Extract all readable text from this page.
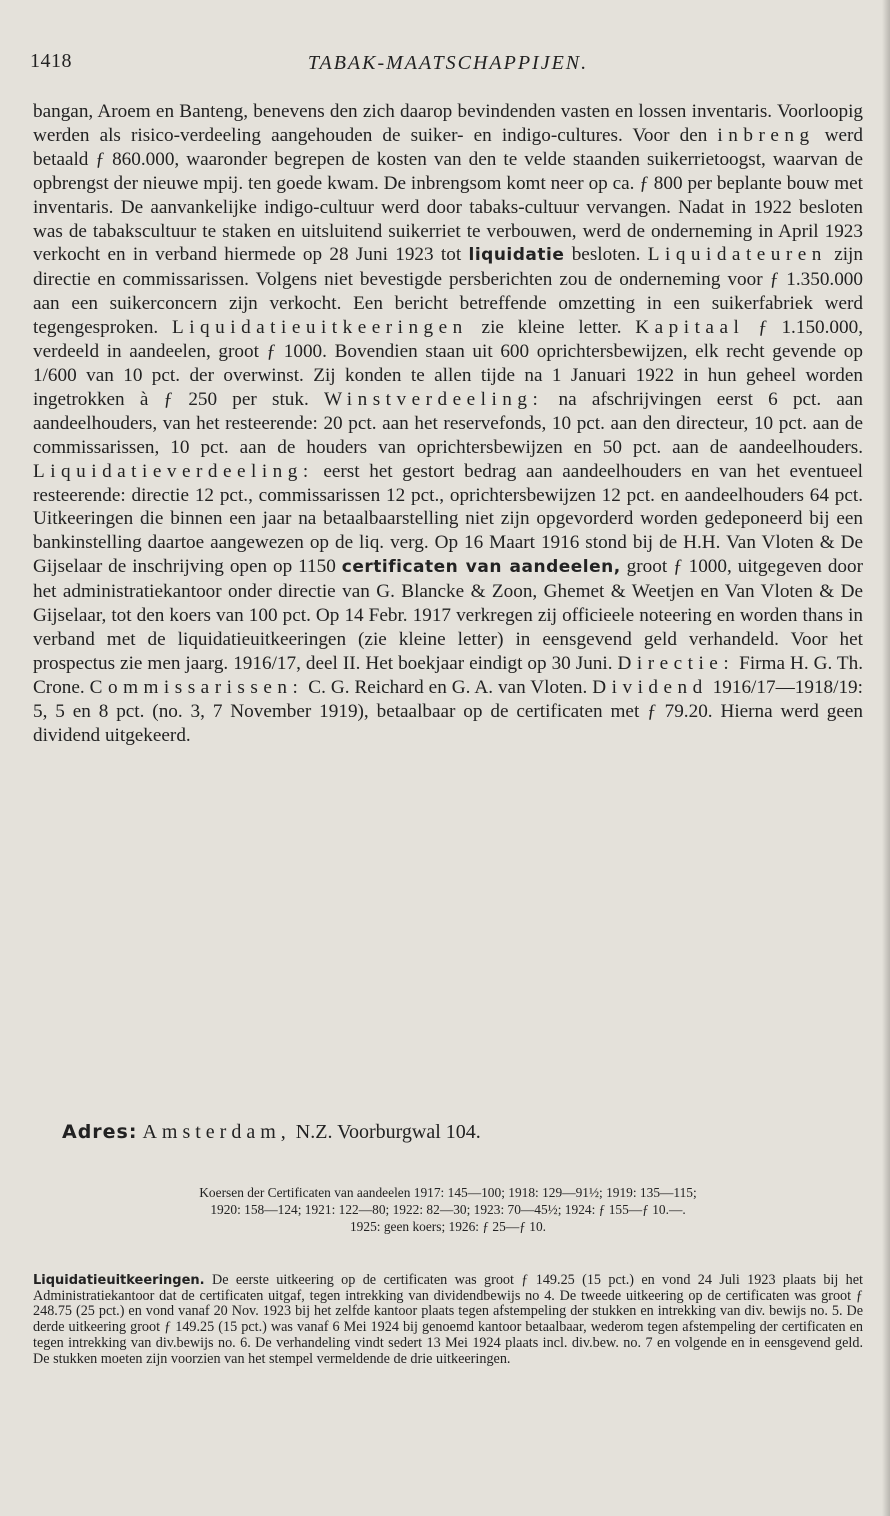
1418	TABAK-MAATSCHAPPIJEN.

bangan, Aroem en Banteng, benevens den zich daarop bevindenden vasten en lossen inventaris. Voorloopig werden als risico-verdeeling aangehouden de suiker- en indigo-cultures. Voor den inbreng werd betaald ƒ 860.000, waaronder begrepen de kosten van den te velde staanden suikerrietoogst, waarvan de opbrengst der nieuwe mpij. ten goede kwam. De inbrengsom komt neer op ca. ƒ 800 per beplante bouw met inventaris. De aanvankelijke indigo-cultuur werd door tabaks-cultuur vervangen. Nadat in 1922 besloten was de tabakscultuur te staken en uitsluitend suikerriet te verbouwen, werd de onderneming in April 1923 verkocht en in verband hiermede op 28 Juni 1923 tot liquidatie besloten. Liquidateuren zijn directie en commissarissen. Volgens niet bevestigde persberichten zou de onderneming voor ƒ 1.350.000 aan een suikerconcern zijn verkocht. Een bericht betreffende omzetting in een suikerfabriek werd tegengesproken. Liquidatieuitkeeringen zie kleine letter. Kapitaal ƒ 1.150.000, verdeeld in aandeelen, groot ƒ 1000. Bovendien staan uit 600 oprichtersbewijzen, elk recht gevende op 1/600 van 10 pct. der overwinst. Zij konden te allen tijde na 1 Januari 1922 in hun geheel worden ingetrokken à ƒ 250 per stuk. Winstverdeeling: na afschrijvingen eerst 6 pct. aan aandeelhouders, van het resteerende: 20 pct. aan het reservefonds, 10 pct. aan den directeur, 10 pct. aan de commissarissen, 10 pct. aan de houders van oprichtersbewijzen en 50 pct. aan de aandeelhouders. Liquidatieverdeeling: eerst het gestort bedrag aan aandeelhouders en van het eventueel resteerende: directie 12 pct., commissarissen 12 pct., oprichtersbewijzen 12 pct. en aandeelhouders 64 pct. Uitkeeringen die binnen een jaar na betaalbaarstelling niet zijn opgevorderd worden gedeponeerd bij een bankinstelling daartoe aangewezen op de liq. verg. Op 16 Maart 1916 stond bij de H.H. Van Vloten & De Gijselaar de inschrijving open op 1150 certificaten van aandeelen, groot ƒ 1000, uitgegeven door het administratiekantoor onder directie van G. Blancke & Zoon, Ghemet & Weetjen en Van Vloten & De Gijselaar, tot den koers van 100 pct. Op 14 Febr. 1917 verkregen zij officieele noteering en worden thans in verband met de liquidatieuitkeeringen (zie kleine letter) in eensgevend geld verhandeld. Voor het prospectus zie men jaarg. 1916/17, deel II. Het boekjaar eindigt op 30 Juni. Directie: Firma H. G. Th. Crone. Commissarissen: C. G. Reichard en G. A. van Vloten. Dividend 1916/17—1918/19: 5, 5 en 8 pct. (no. 3, 7 November 1919), betaalbaar op de certificaten met ƒ 79.20. Hierna werd geen dividend uitgekeerd.

Adres: Amsterdam, N.Z. Voorburgwal 104.

Koersen der Certificaten van aandeelen 1917: 145—100; 1918: 129—91½; 1919: 135—115;

1920: 158—124; 1921: 122—80; 1922: 82—30; 1923: 70—45½; 1924: ƒ 155—ƒ 10.—.

1925: geen koers; 1926: ƒ 25—ƒ 10.

Liquidatieuitkeeringen. De eerste uitkeering op de certificaten was groot ƒ 149.25 (15 pct.) en vond 24 Juli 1923 plaats bij het Administratiekantoor dat de certificaten uitgaf, tegen intrekking van dividendbewijs no 4. De tweede uitkeering op de certificaten was groot ƒ 248.75 (25 pct.) en vond vanaf 20 Nov. 1923 bij het zelfde kantoor plaats tegen afstempeling der stukken en intrekking van div. bewijs no. 5. De derde uitkeering groot ƒ 149.25 (15 pct.) was vanaf 6 Mei 1924 bij genoemd kantoor betaalbaar, wederom tegen afstempeling der certificaten en tegen intrekking van div.bewijs no. 6. De verhandeling vindt sedert 13 Mei 1924 plaats incl. div.bew. no. 7 en volgende en in eensgevend geld. De stukken moeten zijn voorzien van het stempel vermeldende de drie uitkeeringen.
